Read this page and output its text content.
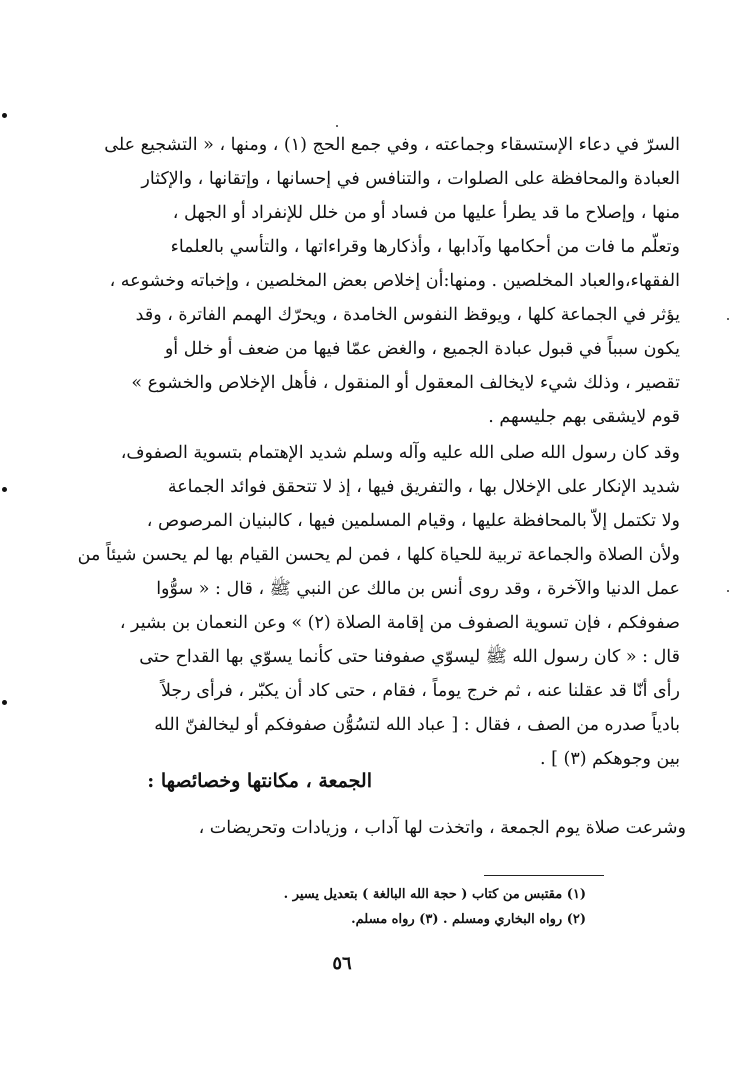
السرّ في دعاء الإستسقاء وجماعته ، وفي جمع الحج (١) ، ومنها ، « التشجيع على
العبادة والمحافظة على الصلوات ، والتنافس في إحسانها ، وإتقانها ، والإكثار
منها ، وإصلاح ما قد يطرأ عليها من فساد أو من خلل للإنفراد أو الجهل ،
وتعلّم ما فات من أحكامها وآدابها ، وأذكارها وقراءاتها ، والتأسي بالعلماء
الفقهاء،والعباد المخلصين . ومنها:أن إخلاص بعض المخلصين ، وإخباته وخشوعه ،
يؤثر في الجماعة كلها ، ويوقظ النفوس الخامدة ، ويحرّك الهمم الفاترة ، وقد
يكون سبباً في قبول عبادة الجميع ، والغض عمّا فيها من ضعف أو خلل أو
تقصير ، وذلك شيء لايخالف المعقول أو المنقول ، فأهل الإخلاص والخشوع »
قوم لايشقى بهم جليسهم .
وقد كان رسول الله صلى الله عليه وآله وسلم شديد الإهتمام بتسوية الصفوف،
شديد الإنكار على الإخلال بها ، والتفريق فيها ، إذ لا تتحقق فوائد الجماعة
ولا تكتمل إلاّ بالمحافظة عليها ، وقيام المسلمين فيها ، كالبنيان المرصوص ،
ولأن الصلاة والجماعة تربية للحياة كلها ، فمن لم يحسن القيام بها لم يحسن شيئاً من
عمل الدنيا والآخرة ، وقد روى أنس بن مالك عن النبي ﷺ ، قال : « سوُّوا
صفوفكم ، فإن تسوية الصفوف من إقامة الصلاة (٢) » وعن النعمان بن بشير ،
قال : « كان رسول الله ﷺ ليسوّي صفوفنا حتى كأنما يسوّي بها القداح حتى
رأى أنّا قد عقلنا عنه ، ثم خرج يوماً ، فقام ، حتى كاد أن يكبّر ، فرأى رجلاً
بادياً صدره من الصف ، فقال : [ عباد الله لتسُوُّن صفوفكم أو ليخالفنّ الله
بين وجوهكم (٣) ] .
الجمعة ، مكانتها وخصائصها :
وشرعت صلاة يوم الجمعة ، واتخذت لها آداب ، وزيادات وتحريضات ،
(١) مقتبس من كتاب ( حجة الله البالغة ) بتعديل يسير .
(٢) رواه البخاري ومسلم . (٣) رواه مسلم.
٥٦
